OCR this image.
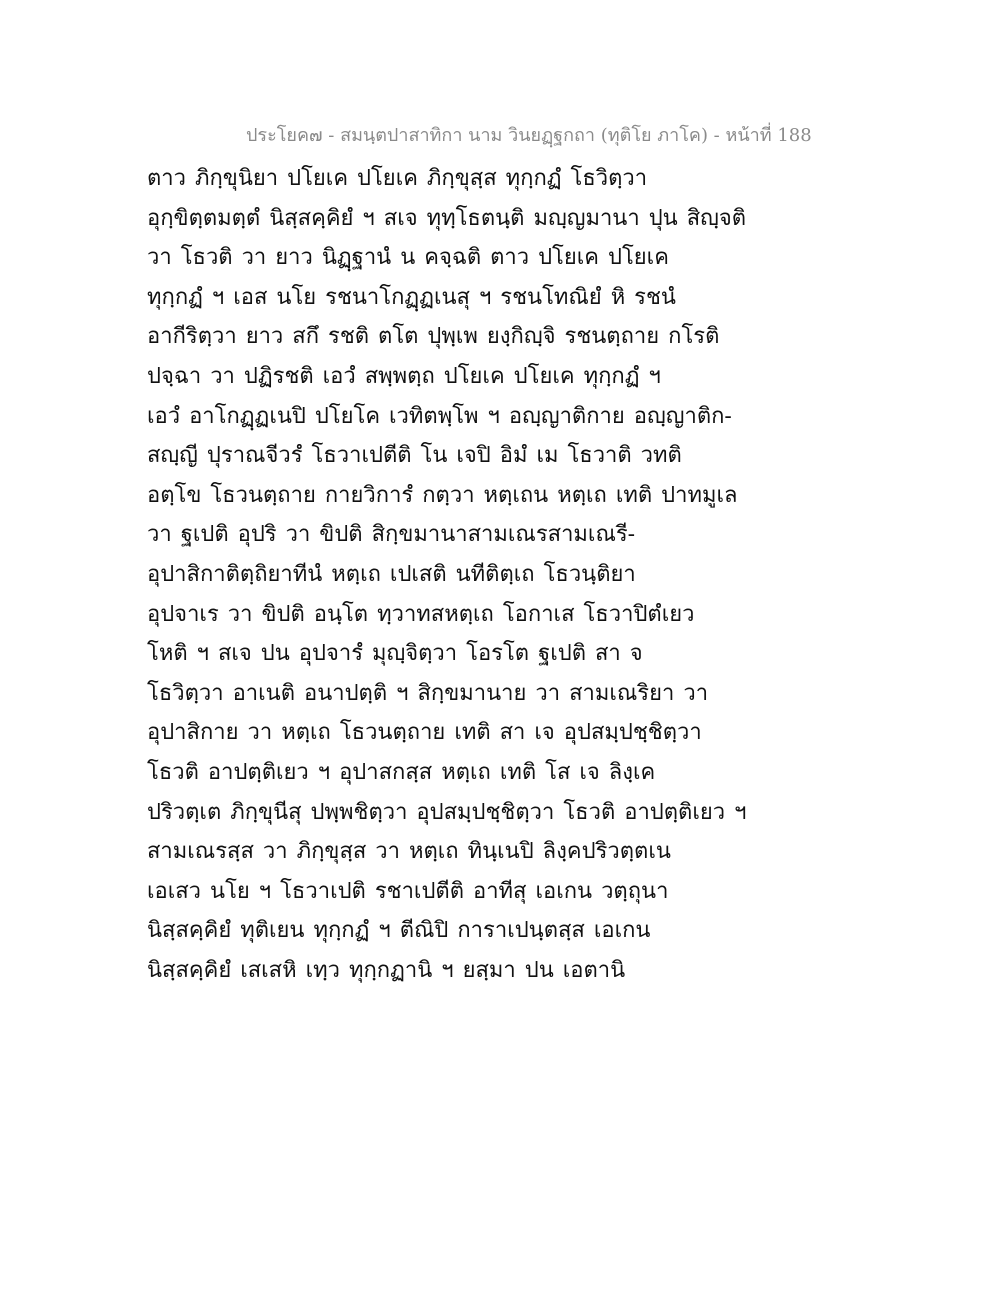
ประโยค๗ - สมนฺตปาสาทิกา นาม วินยฏฺฐกถา (ทุติโย ภาโค) - หน้าที่ 188
ตาว ภิกฺขุนิยา ปโยเค ปโยเค ภิกฺขุสฺส ทุกฺกฏํ โธวิตฺวา
อุกฺขิตฺตมตฺตํ นิสฺสคฺคิยํ ฯ สเจ ทุทฺโธตนฺติ มญฺญมานา ปุน สิญฺจติ
วา โธวติ วา ยาว นิฏฺฐานํ น คจฺฉติ ตาว ปโยเค ปโยเค
ทุกฺกฏํ ฯ เอส นโย รชนาโกฏฺฏเนสุ ฯ รชนโทณิยํ หิ รชนํ
อากีริตฺวา ยาว สกึ รชติ ตโต ปุพฺเพ ยงฺกิญฺจิ รชนตฺถาย กโรติ
ปจฺฉา วา ปฏิรชติ เอวํ สพฺพตฺถ ปโยเค ปโยเค ทุกฺกฏํ ฯ
เอวํ อาโกฏฺฏเนปิ ปโยโค เวทิตพฺโพ ฯ อญฺญาติกาย อญฺญาติก-
สญฺญี ปุราณจีวรํ โธวาเปตีติ โน เจปิ อิมํ เม โธวาติ วทติ
อตฺโข โธวนตฺถาย กายวิการํ กตฺวา หตฺเถน หตฺเถ เทติ ปาทมูเล
วา ฐเปติ อุปริ วา ขิปติ สิกฺขมานาสามเณรสามเณรี-
อุปาสิกาติตฺถิยาทีนํ หตฺเถ เปเสติ นทีติตฺเถ โธวนฺติยา
อุปจาเร วา ขิปติ อนฺโต ทฺวาทสหตฺเถ โอกาเส โธวาปิตํเยว
โหติ ฯ สเจ ปน อุปจารํ มุญฺจิตฺวา โอรโต ฐเปติ สา จ
โธวิตฺวา อาเนติ อนาปตฺติ ฯ สิกฺขมานาย วา สามเณริยา วา
อุปาสิกาย วา หตฺเถ โธวนตฺถาย เทติ สา เจ อุปสมฺปชฺชิตฺวา
โธวติ อาปตฺติเยว ฯ อุปาสกสฺส หตฺเถ เทติ โส เจ ลิงฺเค
ปริวตฺเต ภิกฺขุนีสุ ปพฺพชิตฺวา อุปสมฺปชฺชิตฺวา โธวติ อาปตฺติเยว ฯ
สามเณรสฺส วา ภิกฺขุสฺส วา หตฺเถ ทินฺเนปิ ลิงฺคปริวตฺตเน
เอเสว นโย ฯ โธวาเปติ รชาเปตีติ อาทีสุ เอเกน วตฺถุนา
นิสฺสคฺคิยํ ทุติเยน ทุกฺกฏํ ฯ ตีณิปิ การาเปนฺตสฺส เอเกน
นิสฺสคฺคิยํ เสเสหิ เทฺว ทุกฺกฏานิ ฯ ยสฺมา ปน เอตานิ
